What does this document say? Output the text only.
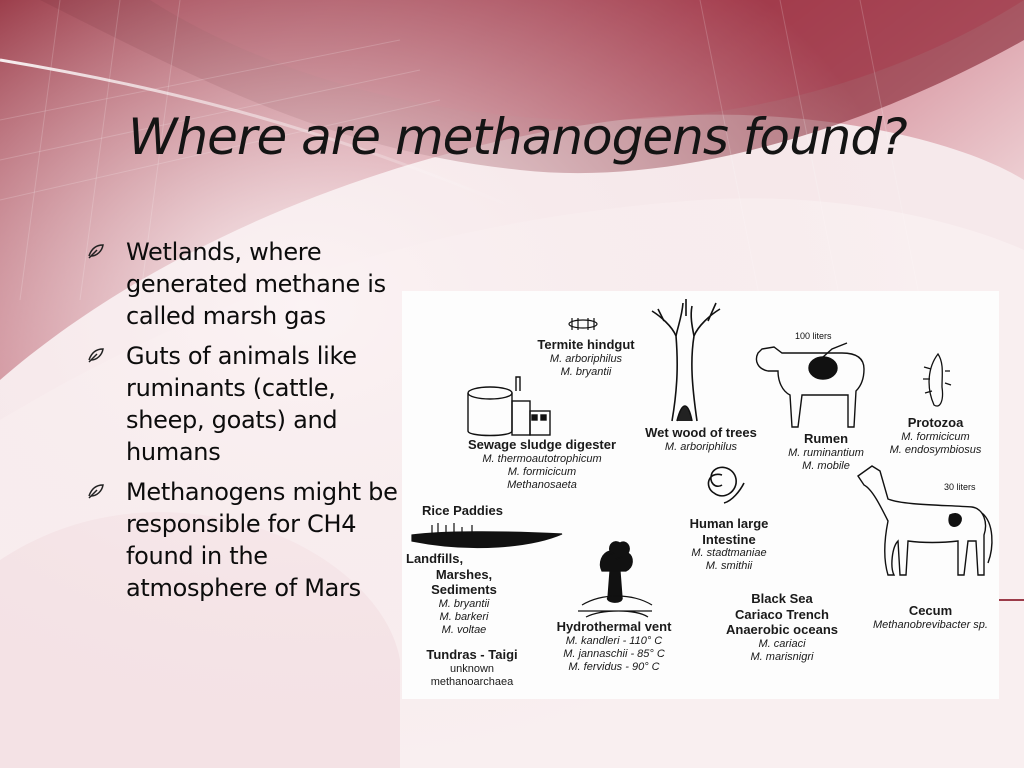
Where are methanogens found?
Wetlands, where generated methane is called marsh gas
Guts of animals like ruminants (cattle, sheep, goats) and humans
Methanogens might be responsible for CH4 found in the atmosphere of Mars
100 liters
30 liters
Termite hindgut
M. arboriphilus
M. bryantii
Wet wood of trees
M. arboriphilus
Rumen
M. ruminantium
M. mobile
Protozoa
M. formicicum
M. endosymbiosus
Sewage sludge digester
M. thermoautotrophicum
M. formicicum
Methanosaeta
Rice Paddies
Human large
Intestine
M. stadtmaniae
M. smithii
Cecum
Methanobrevibacter sp.
Landfills,
Marshes, Sediments
M. bryantii
M. barkeri
M. voltae
Black Sea
Cariaco Trench
Anaerobic oceans
M. cariaci
M. marisnigri
Hydrothermal vent
M. kandleri - 110° C
M. jannaschii - 85° C
M. fervidus - 90° C
Tundras - Taigi
unknown
methanoarchaea
